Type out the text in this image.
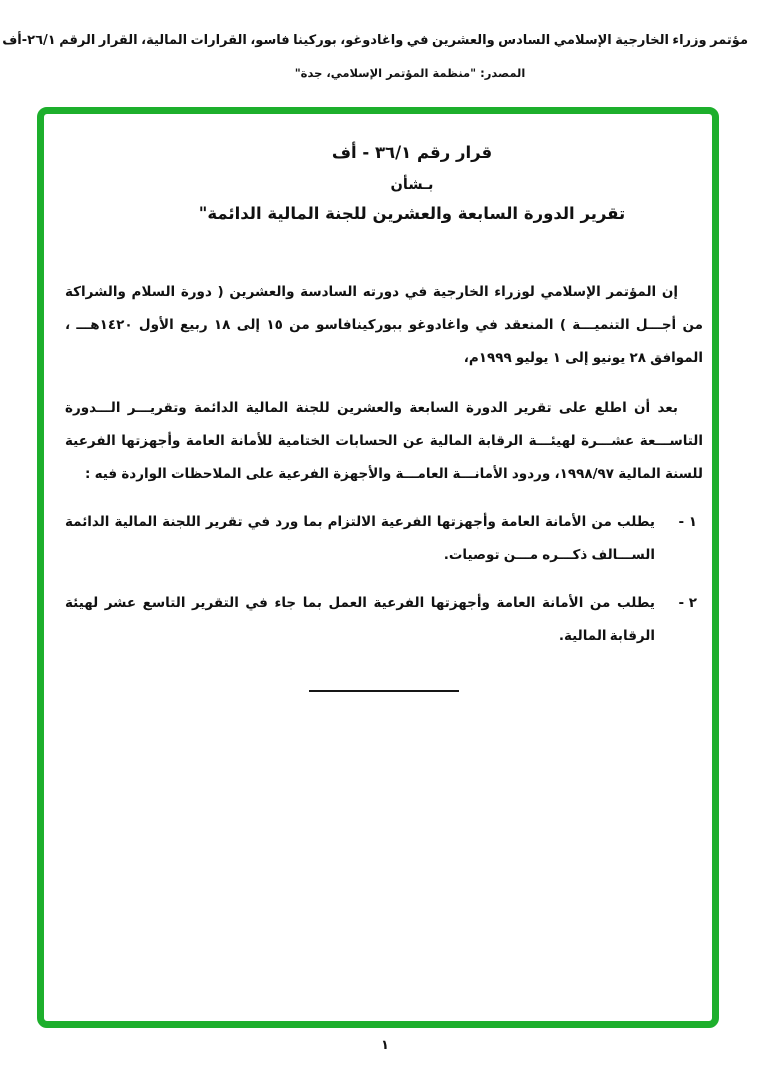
مؤتمر وزراء الخارجية الإسلامي السادس والعشرين في واغادوغو، بوركينا فاسو، القرارات المالية، القرار الرقم ٢٦/١-أف
المصدر: "منظمة المؤتمر الإسلامي، جدة"
قرار رقم ٣٦/١ - أف
بـشأن
تقرير الدورة السابعة والعشرين للجنة المالية الدائمة"

إن المؤتمر الإسلامي لوزراء الخارجية في دورته السادسة والعشرين ( دورة السلام والشراكة من أجـــل التنميـــة ) المنعقد في واغادوغو ببوركينافاسو من ١٥ إلى ١٨ ربيع الأول ١٤٢٠هـــ ، الموافق ٢٨ يونيو إلى ١ يوليو ١٩٩٩م،

بعد أن اطلع على تقرير الدورة السابعة والعشرين للجنة المالية الدائمة وتقريـــر الـــدورة التاســـعة عشـــرة لهيئـــة الرقابة المالية عن الحسابات الختامية للأمانة العامة وأجهزتها الفرعية للسنة المالية ١٩٩٨/٩٧، وردود الأمانـــة العامـــة والأجهزة الفرعية على الملاحظات الواردة فيه :

١ -
يطلب من الأمانة العامة وأجهزتها الفرعية الالتزام بما ورد في تقرير اللجنة المالية الدائمة الســـالف ذكـــره مـــن توصيات.
٢ -
يطلب من الأمانة العامة وأجهزتها الفرعية العمل بما جاء في التقرير التاسع عشر لهيئة الرقابة المالية.
١
